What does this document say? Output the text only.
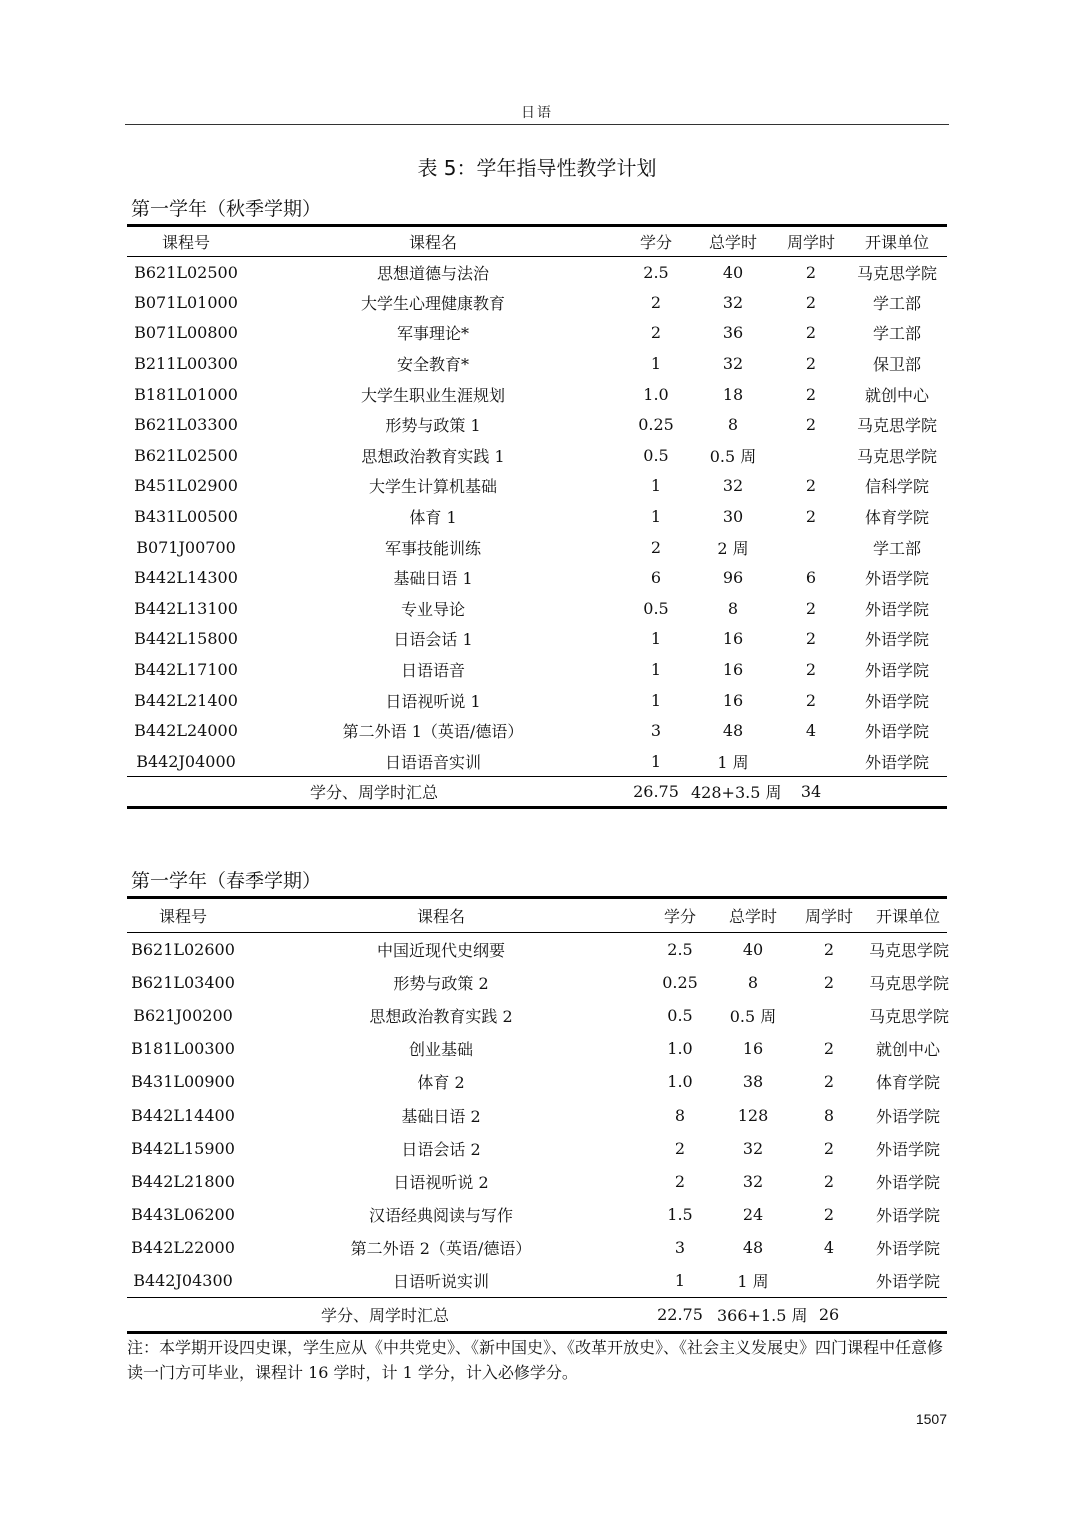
日语
表 5：学年指导性教学计划
第一学年（秋季学期）
课程号	课程名	学分	总学时	周学时	开课单位
B621L02500	思想道德与法治	2.5	40	2	马克思学院
B071L01000	大学生心理健康教育	2	32	2	学工部
B071L00800	军事理论*	2	36	2	学工部
B211L00300	安全教育*	1	32	2	保卫部
B181L01000	大学生职业生涯规划	1.0	18	2	就创中心
B621L03300	形势与政策 1	0.25	8	2	马克思学院
B621L02500	思想政治教育实践 1	0.5	0.5 周		马克思学院
B451L02900	大学生计算机基础	1	32	2	信科学院
B431L00500	体育 1	1	30	2	体育学院
B071J00700	军事技能训练	2	2 周		学工部
B442L14300	基础日语 1	6	96	6	外语学院
B442L13100	专业导论	0.5	8	2	外语学院
B442L15800	日语会话 1	1	16	2	外语学院
B442L17100	日语语音	1	16	2	外语学院
B442L21400	日语视听说 1	1	16	2	外语学院
B442L24000	第二外语 1（英语/德语）	3	48	4	外语学院
B442J04000	日语语音实训	1	1 周		外语学院
学分、周学时汇总		26.75	428+3.5 周	34	
第一学年（春季学期）
课程号	课程名	学分	总学时	周学时	开课单位
B621L02600	中国近现代史纲要	2.5	40	2	马克思学院
B621L03400	形势与政策 2	0.25	8	2	马克思学院
B621J00200	思想政治教育实践 2	0.5	0.5 周		马克思学院
B181L00300	创业基础	1.0	16	2	就创中心
B431L00900	体育 2	1.0	38	2	体育学院
B442L14400	基础日语 2	8	128	8	外语学院
B442L15900	日语会话 2	2	32	2	外语学院
B442L21800	日语视听说 2	2	32	2	外语学院
B443L06200	汉语经典阅读与写作	1.5	24	2	外语学院
B442L22000	第二外语 2（英语/德语）	3	48	4	外语学院
B442J04300	日语听说实训	1	1 周		外语学院
学分、周学时汇总		22.75	366+1.5 周	26	
注：本学期开设四史课，学生应从《中共党史》、《新中国史》、《改革开放史》、《社会主义发展史》四门课程中任意修读一门方可毕业，课程计 16 学时，计 1 学分，计入必修学分。
1507
